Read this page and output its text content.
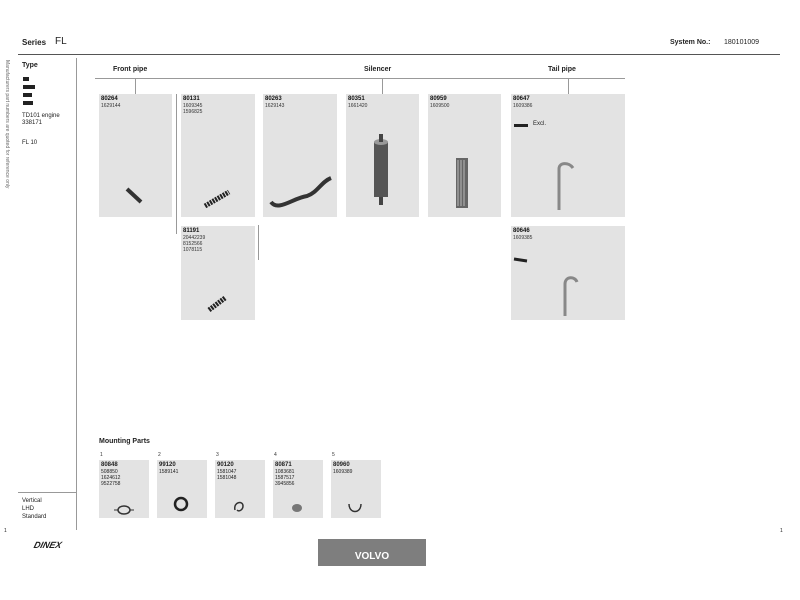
Series FL	System No.: 180101009
Manufacturers part numbers are quoted for reference only Type
TD101 engine
338171
FL 10
Vertical
LHD
Standard
Front pipe	Silencer	Tail pipe
80264
1629144
80131
1609345
1596825
80263
1629143
80351
1661420
80959
1609500
80647
1609386
Excl.
81191
20442239
8152566
1078115
80646
1609385
Mounting Parts
1
80848
508850
1624612
9522758
2
99120
1589141
3
90120
1581047
1581048
4
80871
1083681
1587517
3945856
5
80960
1609389
1	1
DINEX
VOLVO
